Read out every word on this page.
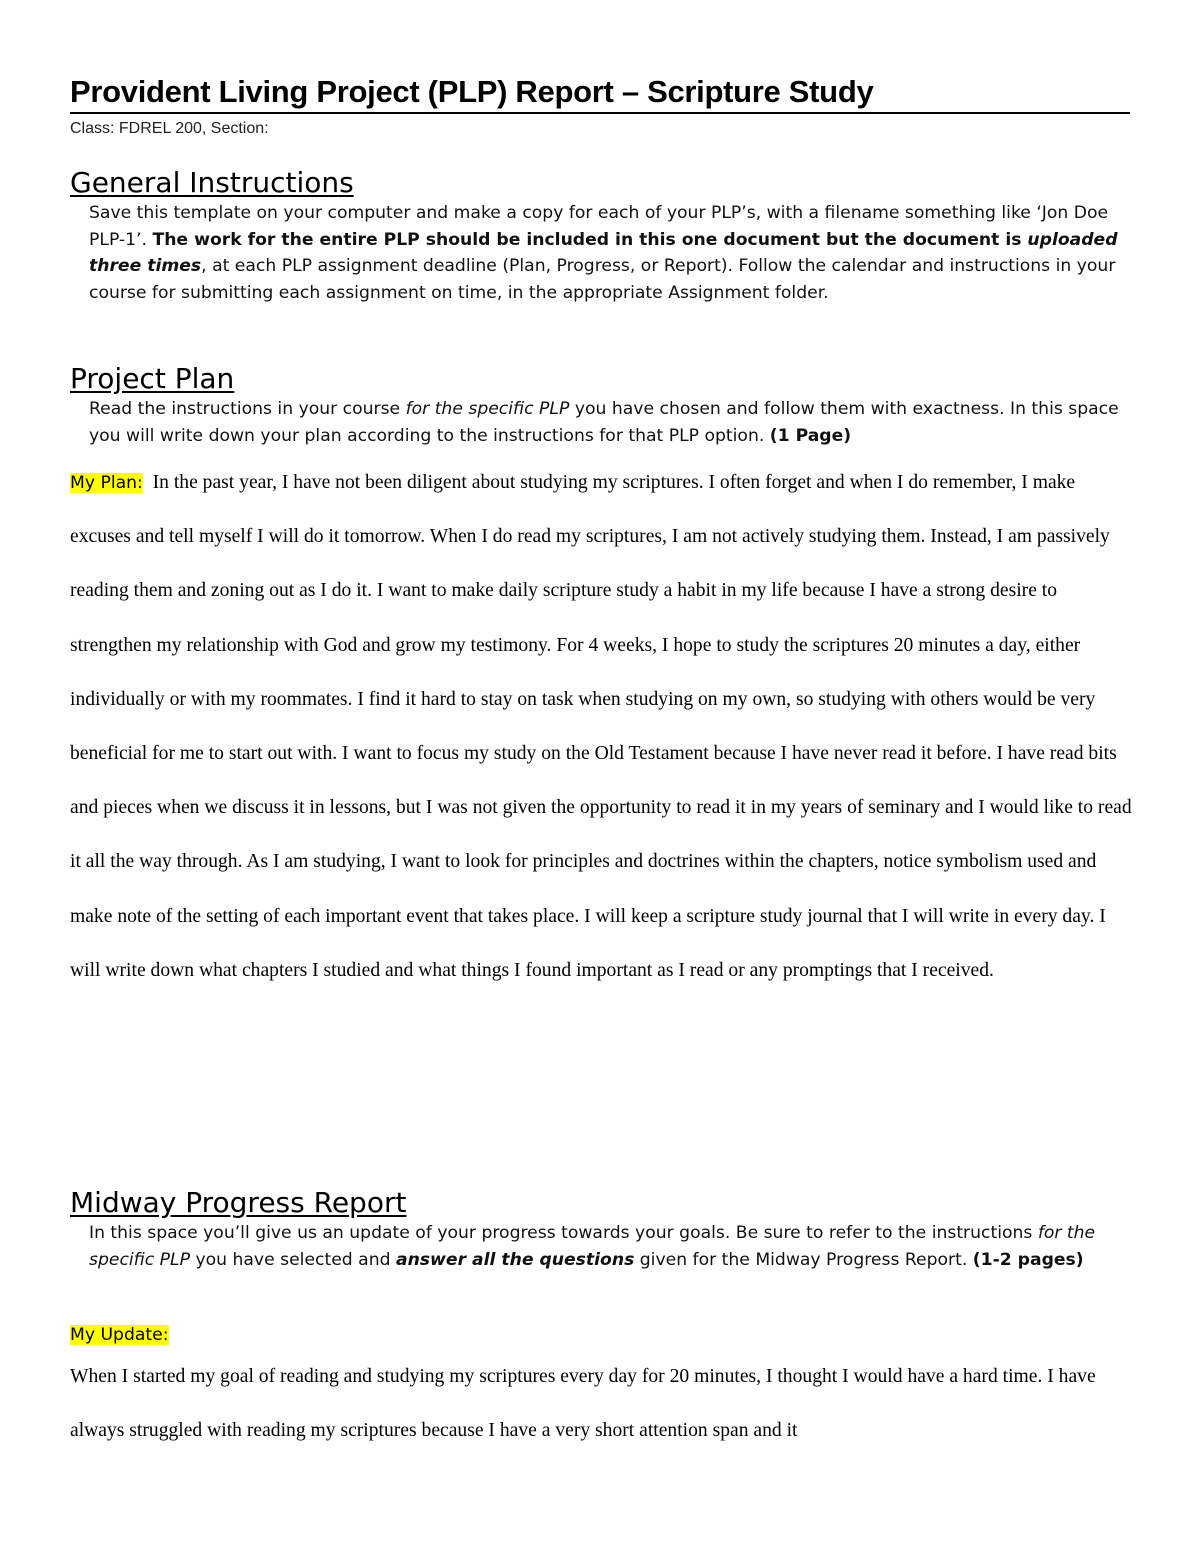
Provident Living Project (PLP) Report – Scripture Study

Class: FDREL 200, Section:

General Instructions

Save this template on your computer and make a copy for each of your PLP’s, with a filename something like ‘Jon Doe PLP-1’. The work for the entire PLP should be included in this one document but the document is uploaded three times, at each PLP assignment deadline (Plan, Progress, or Report). Follow the calendar and instructions in your course for submitting each assignment on time, in the appropriate Assignment folder.

Project Plan

Read the instructions in your course for the specific PLP you have chosen and follow them with exactness. In this space you will write down your plan according to the instructions for that PLP option. (1 Page)

My Plan: In the past year, I have not been diligent about studying my scriptures. I often forget and when I do remember, I make excuses and tell myself I will do it tomorrow. When I do read my scriptures, I am not actively studying them. Instead, I am passively reading them and zoning out as I do it. I want to make daily scripture study a habit in my life because I have a strong desire to strengthen my relationship with God and grow my testimony. For 4 weeks, I hope to study the scriptures 20 minutes a day, either individually or with my roommates. I find it hard to stay on task when studying on my own, so studying with others would be very beneficial for me to start out with. I want to focus my study on the Old Testament because I have never read it before. I have read bits and pieces when we discuss it in lessons, but I was not given the opportunity to read it in my years of seminary and I would like to read it all the way through. As I am studying, I want to look for principles and doctrines within the chapters, notice symbolism used and make note of the setting of each important event that takes place. I will keep a scripture study journal that I will write in every day. I will write down what chapters I studied and what things I found important as I read or any promptings that I received.

Midway Progress Report

In this space you’ll give us an update of your progress towards your goals. Be sure to refer to the instructions for the specific PLP you have selected and answer all the questions given for the Midway Progress Report. (1-2 pages)

My Update:

When I started my goal of reading and studying my scriptures every day for 20 minutes, I thought I would have a hard time. I have always struggled with reading my scriptures because I have a very short attention span and it
